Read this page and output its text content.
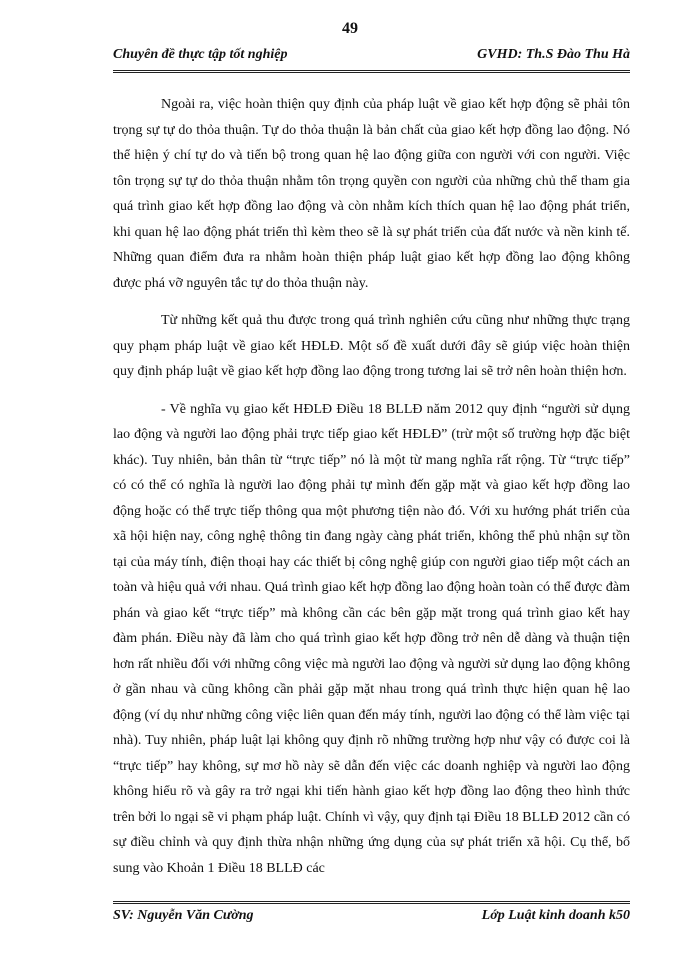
49
Chuyên đề thực tập tốt nghiệp	GVHD: Th.S Đào Thu Hà

Ngoài ra, việc hoàn thiện quy định của pháp luật về giao kết hợp động sẽ phải tôn trọng sự tự do thỏa thuận. Tự do thỏa thuận là bản chất của giao kết hợp đồng lao động. Nó thể hiện ý chí tự do và tiến bộ trong quan hệ lao động giữa con người với con người. Việc tôn trọng sự tự do thỏa thuận nhằm tôn trọng quyền con người của những chủ thể tham gia quá trình giao kết hợp đồng lao động và còn nhằm kích thích quan hệ lao động phát triển, khi quan hệ lao động phát triển thì kèm theo sẽ là sự phát triển của đất nước và nền kinh tế. Những quan điểm đưa ra nhằm hoàn thiện pháp luật giao kết hợp đồng lao động không được phá vỡ nguyên tắc tự do thỏa thuận này.

Từ những kết quả thu được trong quá trình nghiên cứu cũng như những thực trạng quy phạm pháp luật về giao kết HĐLĐ. Một số đề xuất dưới đây sẽ giúp việc hoàn thiện quy định pháp luật về giao kết hợp đồng lao động trong tương lai sẽ trở nên hoàn thiện hơn.

- Về nghĩa vụ giao kết HĐLĐ Điều 18 BLLĐ năm 2012 quy định “người sử dụng lao động và người lao động phải trực tiếp giao kết HĐLĐ” (trừ một số trường hợp đặc biệt khác). Tuy nhiên, bản thân từ “trực tiếp” nó là một từ mang nghĩa rất rộng. Từ “trực tiếp” có có thể có nghĩa là người lao động phải tự mình đến gặp mặt và giao kết hợp đồng lao động hoặc có thể trực tiếp thông qua một phương tiện nào đó. Với xu hướng phát triển của xã hội hiện nay, công nghệ thông tin đang ngày càng phát triển, không thể phủ nhận sự tồn tại của máy tính, điện thoại hay các thiết bị công nghệ giúp con người giao tiếp một cách an toàn và hiệu quả với nhau. Quá trình giao kết hợp đồng lao động hoàn toàn có thể được đàm phán và giao kết “trực tiếp” mà không cần các bên gặp mặt trong quá trình giao kết hay đàm phán. Điều này đã làm cho quá trình giao kết hợp đồng trở nên dễ dàng và thuận tiện hơn rất nhiều đối với những công việc mà người lao động và người sử dụng lao động không ở gần nhau và cũng không cần phải gặp mặt nhau trong quá trình thực hiện quan hệ lao động (ví dụ như những công việc liên quan đến máy tính, người lao động có thể làm việc tại nhà). Tuy nhiên, pháp luật lại không quy định rõ những trường hợp như vậy có được coi là “trực tiếp” hay không, sự mơ hồ này sẽ dẫn đến việc các doanh nghiệp và người lao động không hiểu rõ và gây ra trở ngại khi tiến hành giao kết hợp đồng lao động theo hình thức trên bởi lo ngại sẽ vi phạm pháp luật. Chính vì vậy, quy định tại Điều 18 BLLĐ 2012 cần có sự điều chỉnh và quy định thừa nhận những ứng dụng của sự phát triển xã hội. Cụ thể, bổ sung vào Khoản 1 Điều 18 BLLĐ các

SV: Nguyễn Văn Cường	Lớp Luật kinh doanh k50
